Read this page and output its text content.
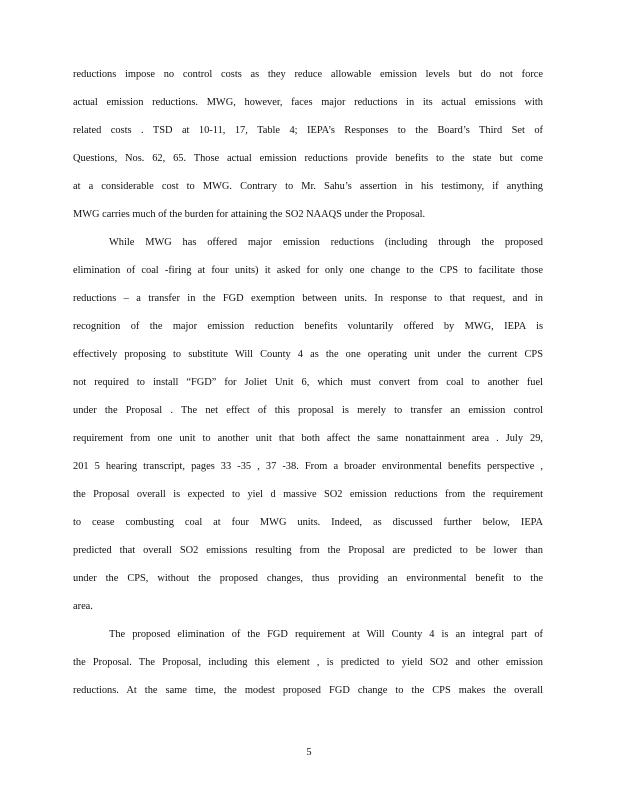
reductions impose no control costs as they reduce allowable emission levels but do not force
actual emission reductions. MWG, however, faces major reductions in its actual emissions with
related costs . TSD at 10-11, 17, Table 4; IEPA’s Responses to the Board’s Third Set of
Questions, Nos. 62, 65. Those actual emission reductions provide benefits to the state but come
at a considerable cost to MWG. Contrary to Mr. Sahu’s assertion in his testimony, if anything
MWG carries much of the burden for attaining the SO2 NAAQS under the Proposal.
While MWG has offered major emission reductions (including through the proposed
elimination of coal -firing at four units) it asked for only one change to the CPS to facilitate those
reductions – a transfer in the FGD exemption between units. In response to that request, and in
recognition of the major emission reduction benefits voluntarily offered by MWG, IEPA is
effectively proposing to substitute Will County 4 as the one operating unit under the current CPS
not required to install “FGD” for Joliet Unit 6, which must convert from coal to another fuel
under the Proposal . The net effect of this proposal is merely to transfer an emission control
requirement from one unit to another unit that both affect the same nonattainment area . July 29,
201 5 hearing transcript, pages 33 -35 , 37 -38. From a broader environmental benefits perspective ,
the Proposal overall is expected to yiel d massive SO2 emission reductions from the requirement
to cease combusting coal at four MWG units. Indeed, as discussed further below, IEPA
predicted that overall SO2 emissions resulting from the Proposal are predicted to be lower than
under the CPS, without the proposed changes, thus providing an environmental benefit to the
area.
The proposed elimination of the FGD requirement at Will County 4 is an integral part of
the Proposal. The Proposal, including this element , is predicted to yield SO2 and other emission
reductions. At the same time, the modest proposed FGD change to the CPS makes the overall
5
